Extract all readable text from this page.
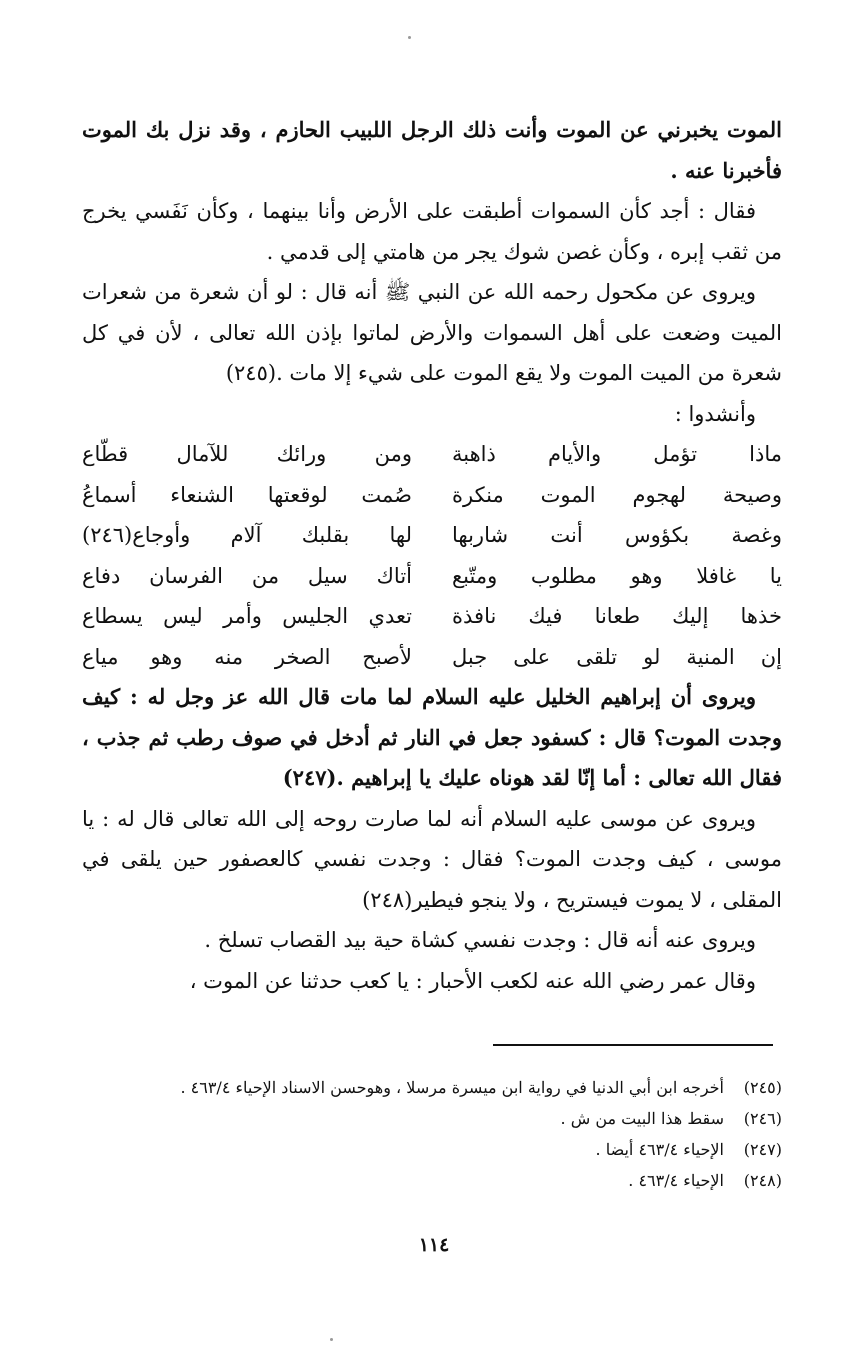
الموت يخبرني عن الموت وأنت ذلك الرجل اللبيب الحازم ، وقد نزل بك الموت فأخبرنا عنه .

فقال : أجد كأن السموات أطبقت على الأرض وأنا بينهما ، وكأن نَفَسي يخرج من ثقب إبره ، وكأن غصن شوك يجر من هامتي إلى قدمي .

ويروى عن مكحول رحمه الله عن النبي ﷺ أنه قال : لو أن شعرة من شعرات الميت وضعت على أهل السموات والأرض لماتوا بإذن الله تعالى ، لأن في كل شعرة من الميت الموت ولا يقع الموت على شيء إلا مات .(٢٤٥)

وأنشدوا :

ماذا تؤمل والأيام ذاهبة
ومن ورائك للآمال قطّاع
وصيحة لهجوم الموت منكرة
صُمت لوقعتها الشنعاء أسماعُ
وغصة بكؤوس أنت شاربها
لها بقلبك آلام وأوجاع(٢٤٦)
يا غافلا وهو مطلوب ومتّبع
أتاك سيل من الفرسان دفاع
خذها إليك طعانا فيك نافذة
تعدي الجليس وأمر ليس يسطاع
إن المنية لو تلقى على جبل
لأصبح الصخر منه وهو مياع

ويروى أن إبراهيم الخليل عليه السلام لما مات قال الله عز وجل له : كيف وجدت الموت؟ قال : كسفود جعل في النار ثم أدخل في صوف رطب ثم جذب ، فقال الله تعالى : أما إنّا لقد هوناه عليك يا إبراهيم .(٢٤٧)

ويروى عن موسى عليه السلام أنه لما صارت روحه إلى الله تعالى قال له : يا موسى ، كيف وجدت الموت؟ فقال : وجدت نفسي كالعصفور حين يلقى في المقلى ، لا يموت فيستريح ، ولا ينجو فيطير(٢٤٨)

ويروى عنه أنه قال : وجدت نفسي كشاة حية بيد القصاب تسلخ .

وقال عمر رضي الله عنه لكعب الأحبار : يا كعب حدثنا عن الموت ،

(٢٤٥)
أخرجه ابن أبي الدنيا في رواية ابن ميسرة مرسلا ، وهوحسن الاسناد الإحياء ٤٦٣/٤ .
(٢٤٦)
سقط هذا البيت من ش .
(٢٤٧)
الإحياء ٤٦٣/٤ أيضا .
(٢٤٨)
الإحياء ٤٦٣/٤ .
١١٤
